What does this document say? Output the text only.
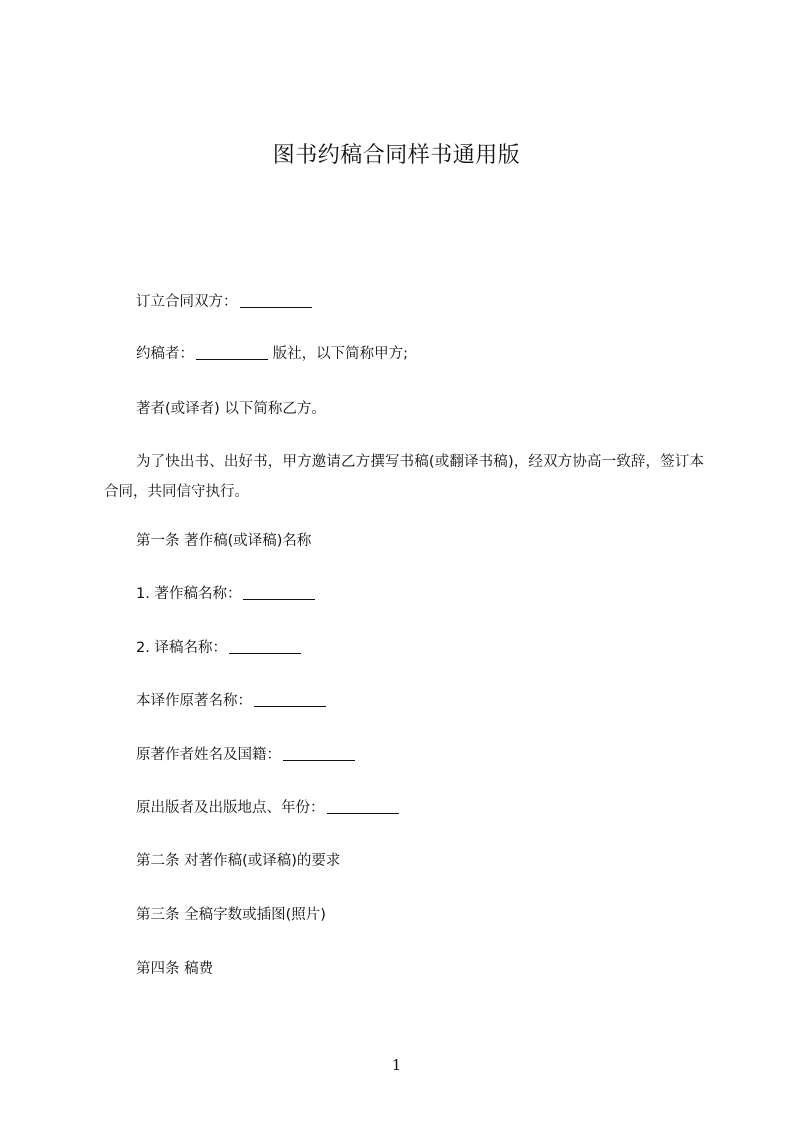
图书约稿合同样书通用版
订立合同双方：
约稿者：	版社，以下简称甲方;
著者(或译者) 以下简称乙方。
为了快出书、出好书，甲方邀请乙方撰写书稿(或翻译书稿)，经双方协高一致辞，签订本合同，共同信守执行。
第一条 著作稿(或译稿)名称
1. 著作稿名称：
2. 译稿名称：
本译作原著名称：
原著作者姓名及国籍：
原出版者及出版地点、年份：
第二条 对著作稿(或译稿)的要求
第三条 全稿字数或插图(照片)
第四条 稿费
1
